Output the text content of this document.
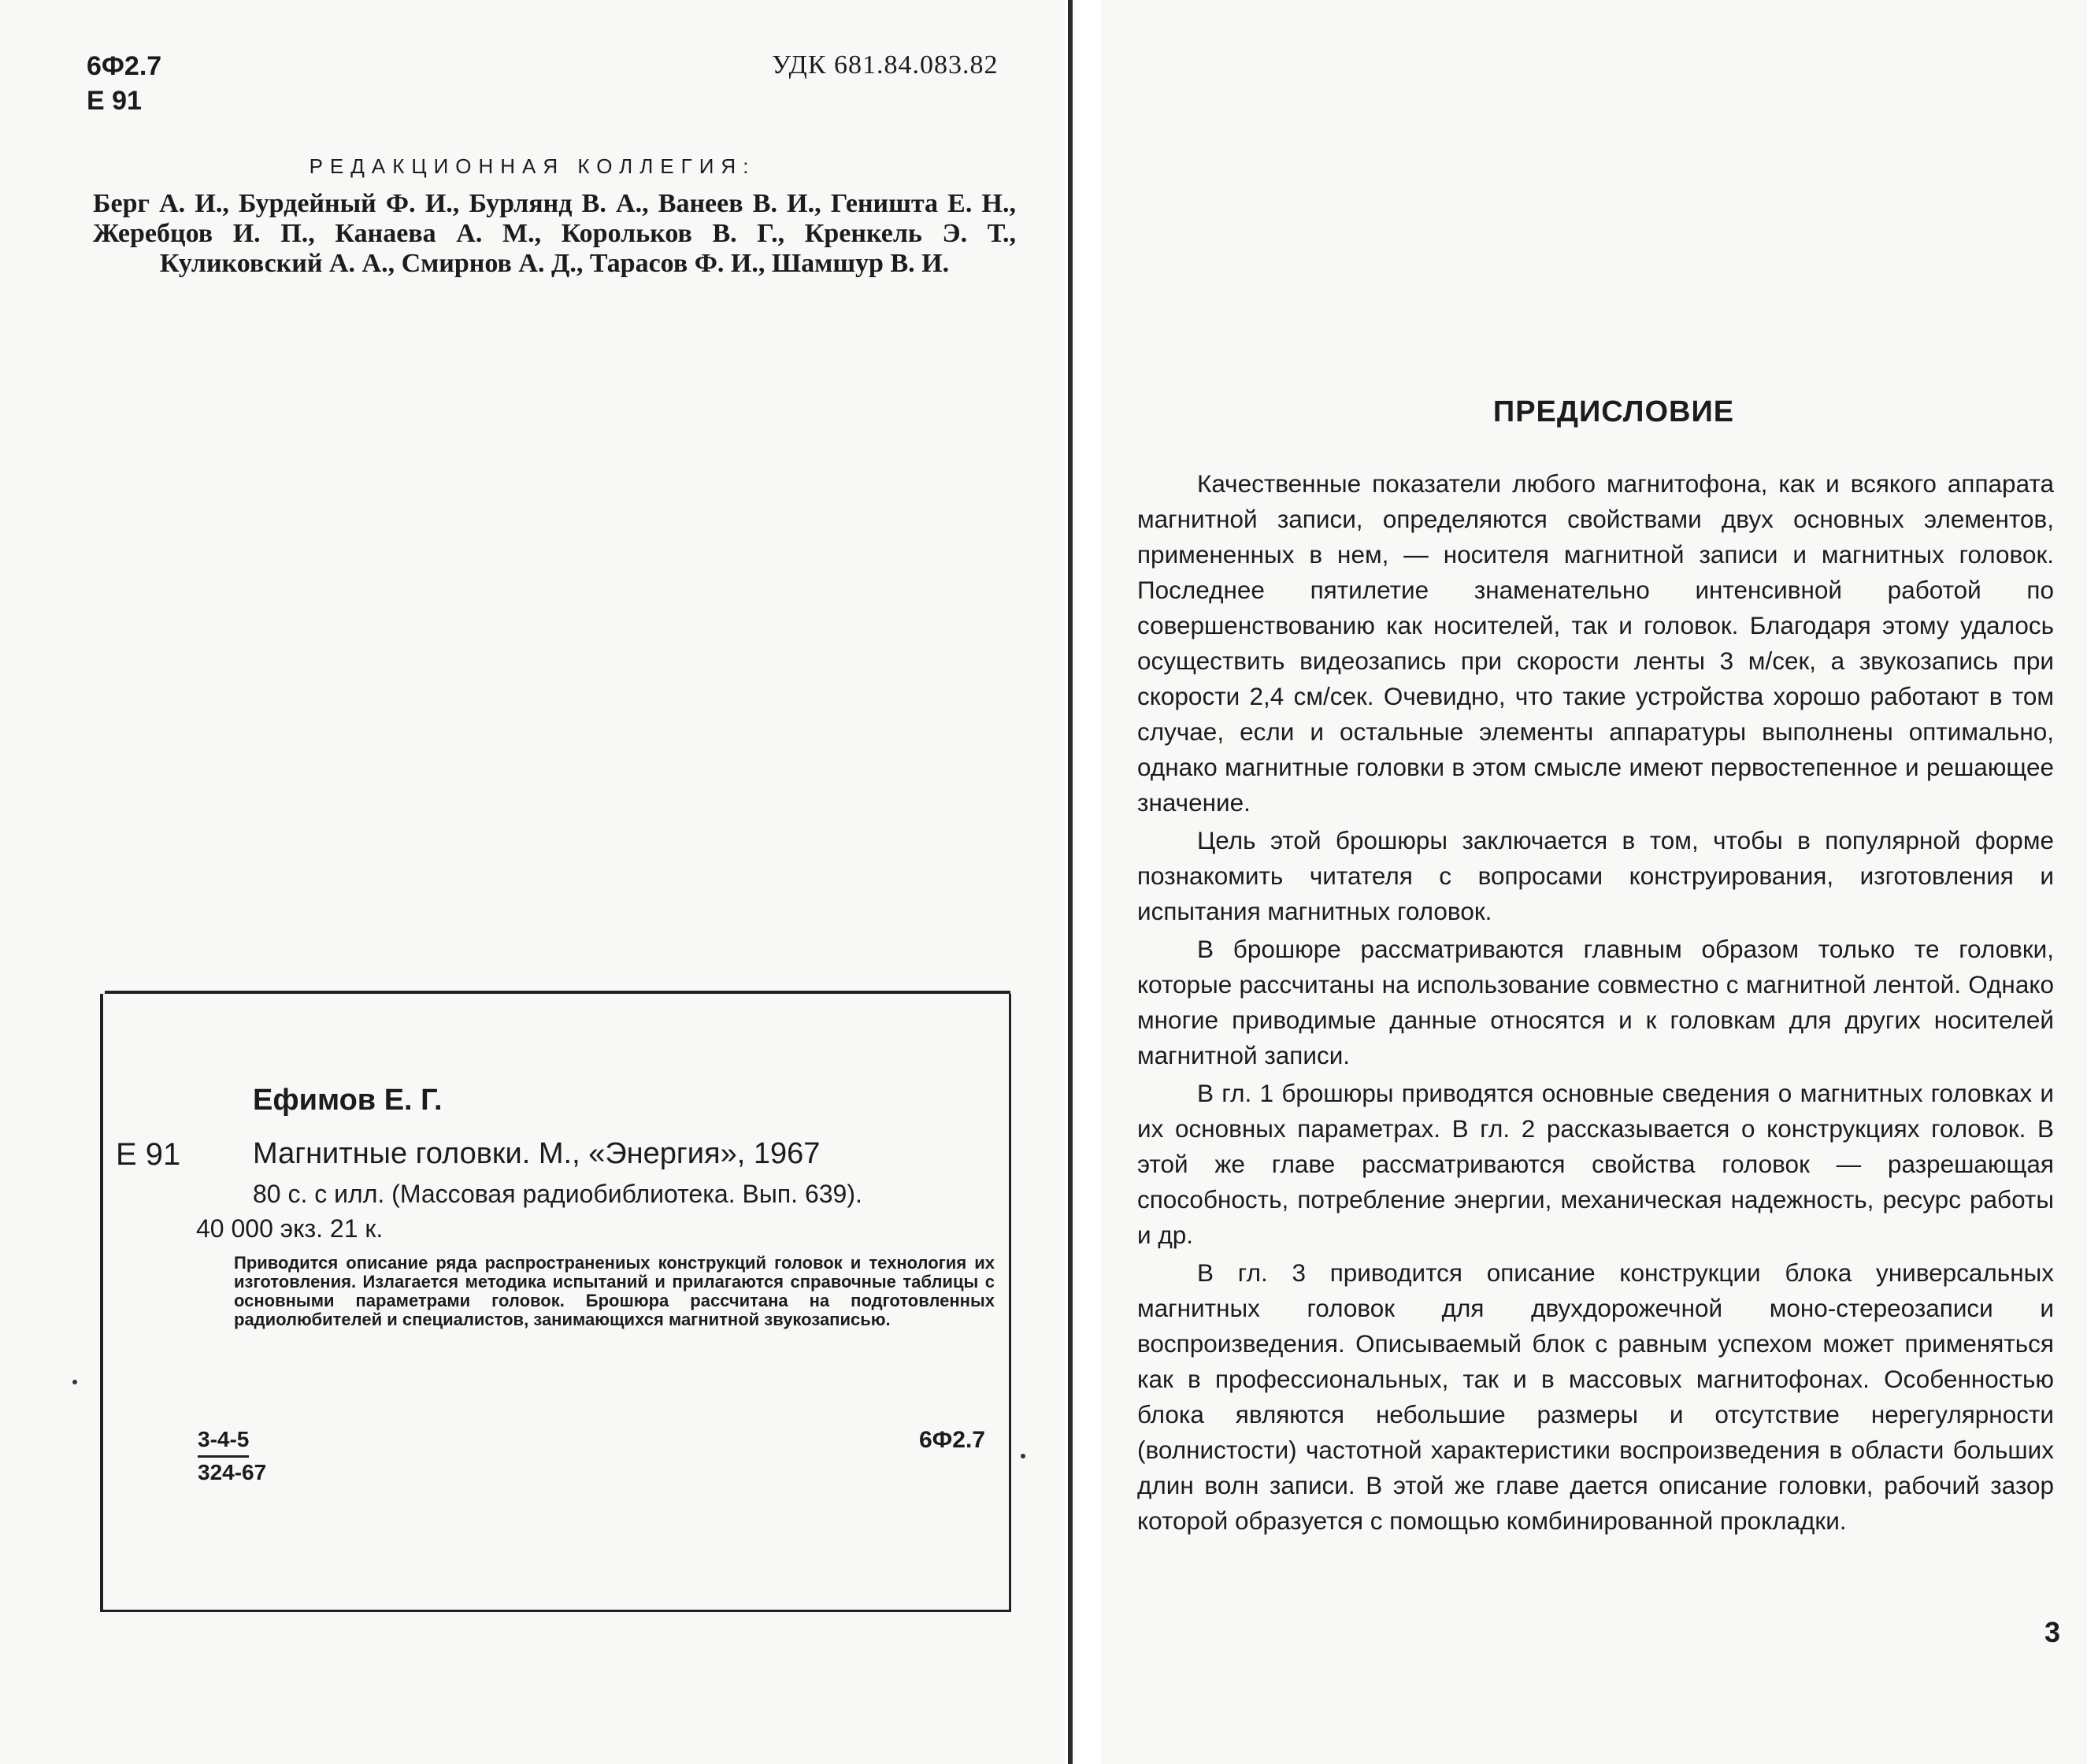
6Ф2.7
Е 91
УДК 681.84.083.82
РЕДАКЦИОННАЯ КОЛЛЕГИЯ:
Берг А. И., Бурдейный Ф. И., Бурлянд В. А., Ванеев В. И., Геништа Е. Н., Жеребцов И. П., Канаева А. М., Корольков В. Г., Кренкель Э. Т., Куликовский А. А., Смирнов А. Д., Тарасов Ф. И., Шамшур В. И.
Ефимов Е. Г.
Е 91 Магнитные головки. М., «Энергия», 1967
80 с. с илл. (Массовая радиобиблиотека. Вып. 639).
40 000 экз. 21 к.
Приводится описание ряда распространениых конструкций головок и технология их изготовления. Излагается методика испытаний и прилагаются справочные таблицы с основными параметрами головок. Брошюра рассчитана на подготовленных радиолюбителей и специалистов, занимающихся магнитной звукозаписью.
3-4-5
324-67
6Ф2.7
ПРЕДИСЛОВИЕ

Качественные показатели любого магнитофона, как и всякого аппарата магнитной записи, определяются свойствами двух основных элементов, примененных в нем, — носителя магнитной записи и магнитных головок. Последнее пятилетие знаменательно интенсивной работой по совершенствованию как носителей, так и головок. Благодаря этому удалось осуществить видеозапись при скорости ленты 3 м/сек, а звукозапись при скорости 2,4 см/сек. Очевидно, что такие устройства хорошо работают в том случае, если и остальные элементы аппаратуры выполнены оптимально, однако магнитные головки в этом смысле имеют первостепенное и решающее значение.

Цель этой брошюры заключается в том, чтобы в популярной форме познакомить читателя с вопросами конструирования, изготовления и испытания магнитных головок.

В брошюре рассматриваются главным образом только те головки, которые рассчитаны на использование совместно с магнитной лентой. Однако многие приводимые данные относятся и к головкам для других носителей магнитной записи.

В гл. 1 брошюры приводятся основные сведения о магнитных головках и их основных параметрах. В гл. 2 рассказывается о конструкциях головок. В этой же главе рассматриваются свойства головок — разрешающая способность, потребление энергии, механическая надежность, ресурс работы и др.

В гл. 3 приводится описание конструкции блока универсальных магнитных головок для двухдорожечной моно-стереозаписи и воспроизведения. Описываемый блок с равным успехом может применяться как в профессиональных, так и в массовых магнитофонах. Особенностью блока являются небольшие размеры и отсутствие нерегулярности (волнистости) частотной характеристики воспроизведения в области больших длин волн записи. В этой же главе дается описание головки, рабочий зазор которой образуется с помощью комбинированной прокладки.

3
